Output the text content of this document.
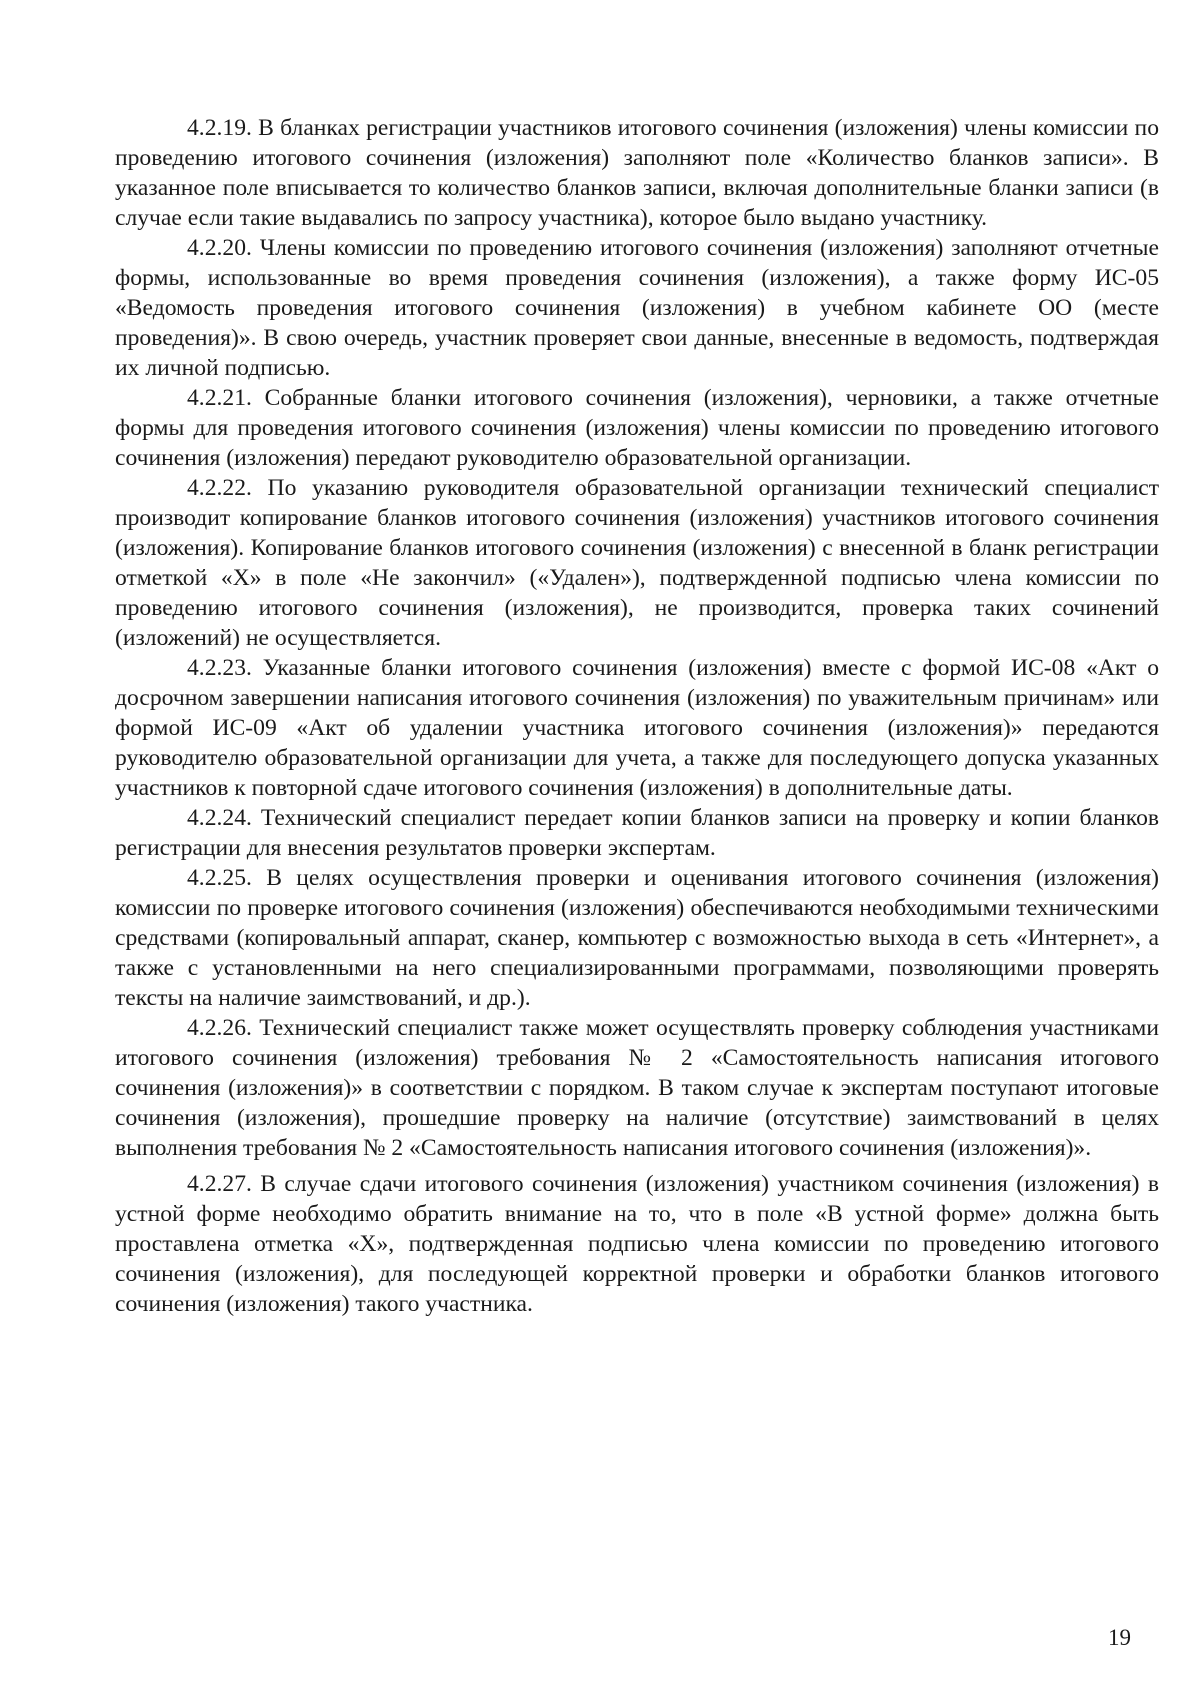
4.2.19. В бланках регистрации участников итогового сочинения (изложения) члены комиссии по проведению итогового сочинения (изложения) заполняют поле «Количество бланков записи». В указанное поле вписывается то количество бланков записи, включая дополнительные бланки записи (в случае если такие выдавались по запросу участника), которое было выдано участнику.

4.2.20. Члены комиссии по проведению итогового сочинения (изложения) заполняют отчетные формы, использованные во время проведения сочинения (изложения), а также форму ИС-05 «Ведомость проведения итогового сочинения (изложения) в учебном кабинете ОО (месте проведения)». В свою очередь, участник проверяет свои данные, внесенные в ведомость, подтверждая их личной подписью.

4.2.21. Собранные бланки итогового сочинения (изложения), черновики, а также отчетные формы для проведения итогового сочинения (изложения) члены комиссии по проведению итогового сочинения (изложения) передают руководителю образовательной организации.

4.2.22. По указанию руководителя образовательной организации технический специалист производит копирование бланков итогового сочинения (изложения) участников итогового сочинения (изложения). Копирование бланков итогового сочинения (изложения) с внесенной в бланк регистрации отметкой «Х» в поле «Не закончил» («Удален»), подтвержденной подписью члена комиссии по проведению итогового сочинения (изложения), не производится, проверка таких сочинений (изложений) не осуществляется.

4.2.23. Указанные бланки итогового сочинения (изложения) вместе с формой ИС-08 «Акт о досрочном завершении написания итогового сочинения (изложения) по уважительным причинам» или формой ИС-09 «Акт об удалении участника итогового сочинения (изложения)» передаются руководителю образовательной организации для учета, а также для последующего допуска указанных участников к повторной сдаче итогового сочинения (изложения) в дополнительные даты.

4.2.24. Технический специалист передает копии бланков записи на проверку и копии бланков регистрации для внесения результатов проверки экспертам.

4.2.25. В целях осуществления проверки и оценивания итогового сочинения (изложения) комиссии по проверке итогового сочинения (изложения) обеспечиваются необходимыми техническими средствами (копировальный аппарат, сканер, компьютер с возможностью выхода в сеть «Интернет», а также с установленными на него специализированными программами, позволяющими проверять тексты на наличие заимствований, и др.).

4.2.26. Технический специалист также может осуществлять проверку соблюдения участниками итогового сочинения (изложения) требования № 2 «Самостоятельность написания итогового сочинения (изложения)» в соответствии с порядком. В таком случае к экспертам поступают итоговые сочинения (изложения), прошедшие проверку на наличие (отсутствие) заимствований в целях выполнения требования № 2 «Самостоятельность написания итогового сочинения (изложения)».

4.2.27. В случае сдачи итогового сочинения (изложения) участником сочинения (изложения) в устной форме необходимо обратить внимание на то, что в поле «В устной форме» должна быть проставлена отметка «Х», подтвержденная подписью члена комиссии по проведению итогового сочинения (изложения), для последующей корректной проверки и обработки бланков итогового сочинения (изложения) такого участника.

19
